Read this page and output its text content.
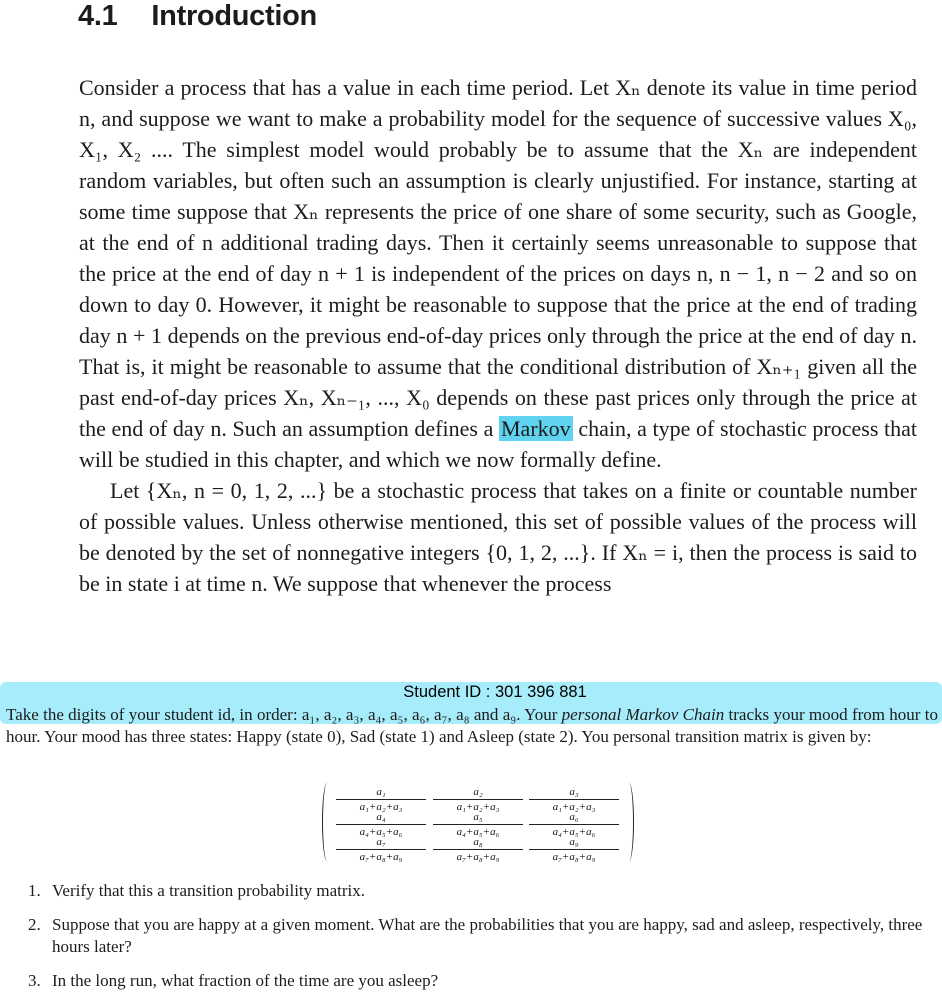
4.1 Introduction

Consider a process that has a value in each time period. Let Xₙ denote its value in time period n, and suppose we want to make a probability model for the sequence of successive values X₀, X₁, X₂ .... The simplest model would probably be to assume that the Xₙ are independent random variables, but often such an assumption is clearly unjustified. For instance, starting at some time suppose that Xₙ represents the price of one share of some security, such as Google, at the end of n additional trading days. Then it certainly seems unreasonable to suppose that the price at the end of day n + 1 is independent of the prices on days n, n − 1, n − 2 and so on down to day 0. However, it might be reasonable to suppose that the price at the end of trading day n + 1 depends on the previous end-of-day prices only through the price at the end of day n. That is, it might be reasonable to assume that the conditional distribution of Xₙ₊₁ given all the past end-of-day prices Xₙ, Xₙ₋₁, ..., X₀ depends on these past prices only through the price at the end of day n. Such an assumption defines a Markov chain, a type of stochastic process that will be studied in this chapter, and which we now formally define.

Let {Xₙ, n = 0, 1, 2, ...} be a stochastic process that takes on a finite or countable number of possible values. Unless otherwise mentioned, this set of possible values of the process will be denoted by the set of nonnegative integers {0, 1, 2, ...}. If Xₙ = i, then the process is said to be in state i at time n. We suppose that whenever the process

Student ID : 301 396 881
Take the digits of your student id, in order: a₁, a₂, a₃, a₄, a₅, a₆, a₇, a₈ and a₉. Your personal Markov Chain tracks your mood from hour to hour. Your mood has three states: Happy (state 0), Sad (state 1) and Asleep (state 2). You personal transition matrix is given by:
a₁
a₁+a₂+a₃
a₂
a₁+a₂+a₃
a₃
a₁+a₂+a₃
a₄
a₄+a₅+a₆
a₅
a₄+a₅+a₆
a₆
a₄+a₅+a₆
a₇
a₇+a₈+a₉
a₈
a₇+a₈+a₉
a₉
a₇+a₈+a₉
1. Verify that this a transition probability matrix.
2. Suppose that you are happy at a given moment. What are the probabilities that you are happy, sad and asleep, respectively, three hours later?
3. In the long run, what fraction of the time are you asleep?
